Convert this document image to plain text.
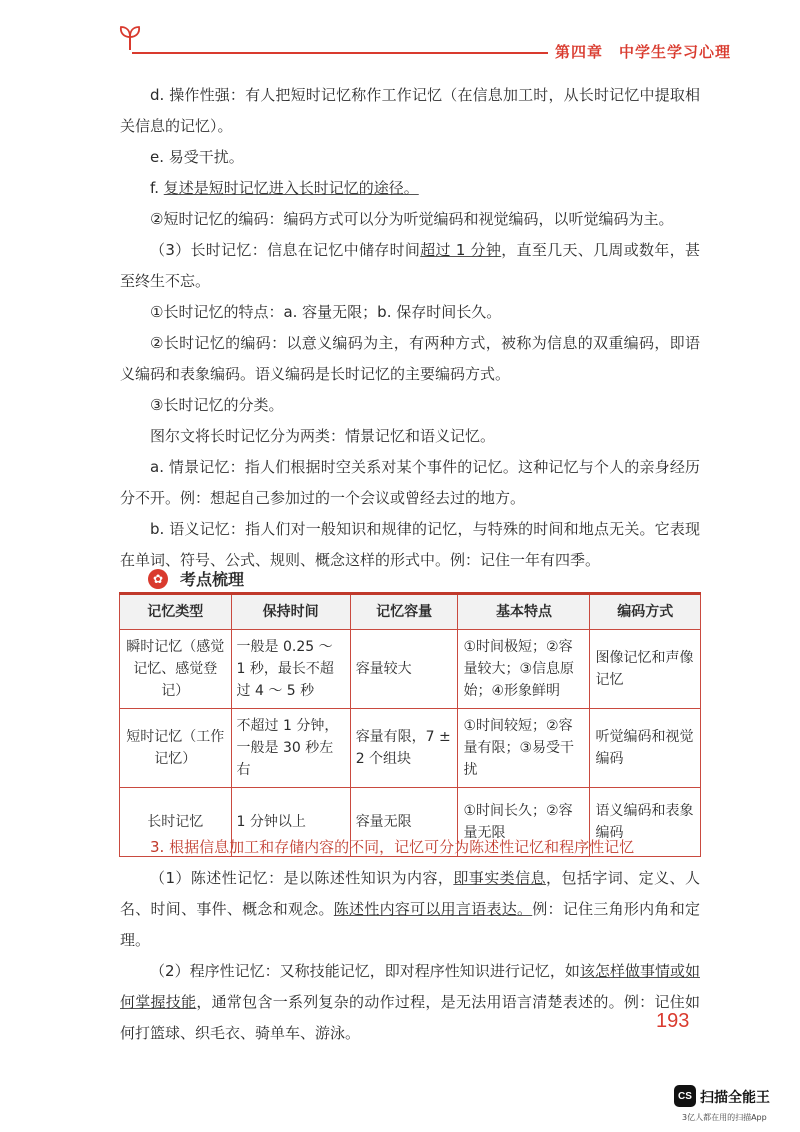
第四章　中学生学习心理

d. 操作性强：有人把短时记忆称作工作记忆（在信息加工时，从长时记忆中提取相关信息的记忆）。

e. 易受干扰。

f. 复述是短时记忆进入长时记忆的途径。

②短时记忆的编码：编码方式可以分为听觉编码和视觉编码，以听觉编码为主。

（3）长时记忆：信息在记忆中储存时间超过 1 分钟，直至几天、几周或数年，甚至终生不忘。

①长时记忆的特点：a. 容量无限；b. 保存时间长久。

②长时记忆的编码：以意义编码为主，有两种方式，被称为信息的双重编码，即语义编码和表象编码。语义编码是长时记忆的主要编码方式。

③长时记忆的分类。

图尔文将长时记忆分为两类：情景记忆和语义记忆。

a. 情景记忆：指人们根据时空关系对某个事件的记忆。这种记忆与个人的亲身经历分不开。例：想起自己参加过的一个会议或曾经去过的地方。

b. 语义记忆：指人们对一般知识和规律的记忆，与特殊的时间和地点无关。它表现在单词、符号、公式、规则、概念这样的形式中。例：记住一年有四季。

✿	考点梳理
记忆类型	保持时间	记忆容量	基本特点	编码方式
瞬时记忆（感觉记忆、感觉登记）	一般是 0.25 ～ 1 秒，最长不超过 4 ～ 5 秒	容量较大	①时间极短；②容量较大；③信息原始；④形象鲜明	图像记忆和声像记忆
短时记忆（工作记忆）	不超过 1 分钟，一般是 30 秒左右	容量有限，7 ± 2 个组块	①时间较短；②容量有限；③易受干扰	听觉编码和视觉编码
长时记忆	1 分钟以上	容量无限	①时间长久；②容量无限	语义编码和表象编码

3. 根据信息加工和存储内容的不同，记忆可分为陈述性记忆和程序性记忆

（1）陈述性记忆：是以陈述性知识为内容，即事实类信息，包括字词、定义、人名、时间、事件、概念和观念。陈述性内容可以用言语表达。例：记住三角形内角和定理。

（2）程序性记忆：又称技能记忆，即对程序性知识进行记忆，如该怎样做事情或如何掌握技能，通常包含一系列复杂的动作过程，是无法用语言清楚表述的。例：记住如何打篮球、织毛衣、骑单车、游泳。

193
CS 扫描全能王
3亿人都在用的扫描App
